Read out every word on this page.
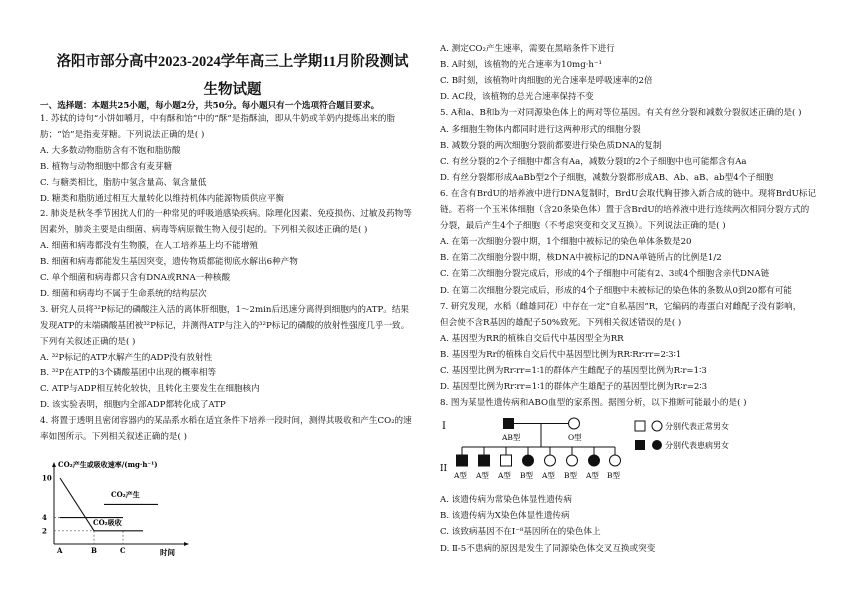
洛阳市部分高中2023-2024学年高三上学期11月阶段测试
生物试题
一、选择题：本题共25小题，每小题2分，共50分。每小题只有一个选项符合题目要求。
1. 苏轼的诗句“小饼如嚼月，中有酥和饴”中的“酥”是指酥油，即从牛奶或羊奶内提炼出来的脂
肪；“饴”是指麦芽糖。下列说法正确的是( )
A. 大多数动物脂肪含有不饱和脂肪酸
B. 植物与动物细胞中都含有麦芽糖
C. 与糖类相比，脂肪中氢含量高、氧含量低
D. 糖类和脂肪通过相互大量转化以维持机体内能源物质供应平衡
2. 肺炎是秋冬季节困扰人们的一种常见的呼吸道感染疾病。除理化因素、免疫损伤、过敏及药物等
因素外，肺炎主要是由细菌、病毒等病原微生物入侵引起的。下列相关叙述正确的是( )
A. 细菌和病毒都没有生物膜，在人工培养基上均不能增殖
B. 细菌和病毒都能发生基因突变，遗传物质都能彻底水解出6种产物
C. 单个细菌和病毒都只含有DNA或RNA一种核酸
D. 细菌和病毒均不属于生命系统的结构层次
3. 研究人员将³²P标记的磷酸注入活的离体肝细胞，1～2min后迅速分离得到细胞内的ATP。结果
发现ATP的末端磷酸基团被³²P标记，并测得ATP与注入的³²P标记的磷酸的放射性强度几乎一致。
下列有关叙述正确的是( )
A. ³²P标记的ATP水解产生的ADP没有放射性
B. ³²P在ATP的3个磷酸基团中出现的概率相等
C. ATP与ADP相互转化较快，且转化主要发生在细胞核内
D. 该实验表明，细胞内全部ADP都转化成了ATP
4. 将置于透明且密闭容器内的某品系水稻在适宜条件下培养一段时间，测得其吸收和产生CO₂的速
率如图所示。下列相关叙述正确的是( )
A. 测定CO₂产生速率，需要在黑暗条件下进行
B. A时刻，该植物的光合速率为10mg·h⁻¹
C. B时刻，该植物叶肉细胞的光合速率是呼吸速率的2倍
D. AC段，该植物的总光合速率保持不变
5. A和a、B和b为一对同源染色体上的两对等位基因。有关有丝分裂和减数分裂叙述正确的是( )
A. 多细胞生物体内都同时进行这两种形式的细胞分裂
B. 减数分裂的两次细胞分裂前都要进行染色质DNA的复制
C. 有丝分裂的2个子细胞中都含有Aa，减数分裂Ⅰ的2个子细胞中也可能都含有Aa
D. 有丝分裂都形成AaBb型2个子细胞，减数分裂都形成AB、Ab、aB、ab型4个子细胞
6. 在含有BrdU的培养液中进行DNA复制时，BrdU会取代胸苷掺入新合成的链中。现将BrdU标记
链。若将一个玉米体细胞（含20条染色体）置于含BrdU的培养液中进行连续两次相同分裂方式的
分裂，最后产生4个子细胞（不考虑突变和交叉互换）。下列说法正确的是( )
A. 在第一次细胞分裂中期，1个细胞中被标记的染色单体条数是20
B. 在第二次细胞分裂中期，核DNA中被标记的DNA单链所占的比例是1/2
C. 在第二次细胞分裂完成后，形成的4个子细胞中可能有2、3或4个细胞含亲代DNA链
D. 在第二次细胞分裂完成后，形成的4个子细胞中未被标记的染色体的条数从0到20都有可能
7. 研究发现，水稻（雌雄同花）中存在一定“自私基因”R，它编码的毒蛋白对雌配子没有影响，
但会使不含R基因的雄配子50%致死。下列相关叙述错误的是( )
A. 基因型为RR的植株自交后代中基因型全为RR
B. 基因型为Rr的植株自交后代中基因型比例为RR∶Rr∶rr=2∶3∶1
C. 基因型比例为Rr∶rr=1∶1的群体产生雌配子的基因型比例为R∶r=1∶3
D. 基因型比例为Rr∶rr=1∶1的群体产生雄配子的基因型比例为R∶r=2∶3
8. 图为某显性遗传病和ABO血型的家系图。据图分析，以下推断可能最小的是( )
A. 该遗传病为常染色体显性遗传病
B. 该遗传病为X染色体显性遗传病
C. 该致病基因不在Ⅰ⁻⁸基因所在的染色体上
D. Ⅱ-5不患病的原因是发生了同源染色体交叉互换或突变
CO₂产生或吸收速率/(mg·h⁻¹)
时间
10
4
2
A	B	C
CO₂产生
CO₂吸收
I
II
AB型	O型
A型 A型 A型 B型 A型 B型 A型 B型
分别代表正常男女
分别代表患病男女
